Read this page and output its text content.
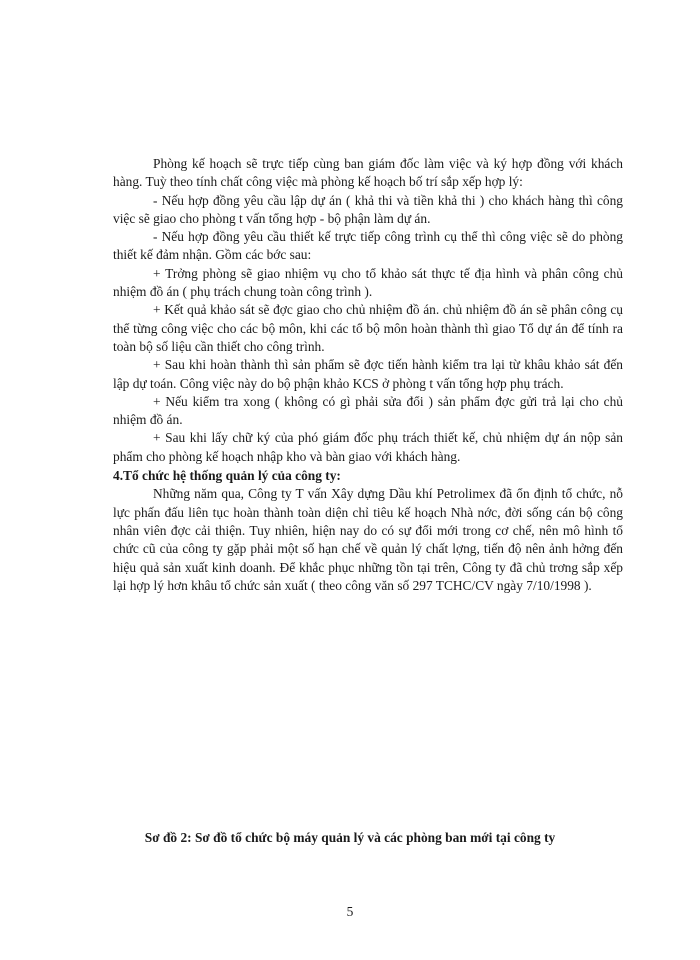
Phòng kế hoạch sẽ trực tiếp cùng ban giám đốc làm việc và ký hợp đồng với khách hàng. Tuỳ theo tính chất công việc mà phòng kế hoạch bố trí sắp xếp hợp lý:

- Nếu hợp đồng yêu cầu lập dự án ( khả thi và tiền khả thi ) cho khách hàng thì công việc sẽ giao cho phòng t vấn tổng hợp - bộ phận làm dự án.

- Nếu hợp đồng yêu cầu thiết kế trực tiếp công trình cụ thể thì công việc sẽ do phòng thiết kế đảm nhận. Gồm các bớc sau:

+ Trởng phòng sẽ giao nhiệm vụ cho tổ khảo sát thực tế địa hình và phân công chủ nhiệm đồ án ( phụ trách chung toàn công trình ).

+ Kết quả khảo sát sẽ đợc giao cho chủ nhiệm đồ án. chủ nhiệm đồ án sẽ phân công cụ thể từng công việc cho các bộ môn, khi các tổ bộ môn hoàn thành thì giao Tổ dự án để tính ra toàn bộ số liệu cần thiết cho công trình.

+ Sau khi hoàn thành thì sản phẩm sẽ đợc tiến hành kiểm tra lại từ khâu khảo sát đến lập dự toán. Công việc này do bộ phận khảo KCS ở phòng t vấn tổng hợp phụ trách.

+ Nếu kiểm tra xong ( không có gì phải sửa đổi ) sản phẩm đợc gửi trả lại cho chủ nhiệm đồ án.

+ Sau khi lấy chữ ký của phó giám đốc phụ trách thiết kế, chủ nhiệm dự án nộp sản phẩm cho phòng kế hoạch nhập kho và bàn giao với khách hàng.

4.Tổ chức hệ thống quản lý của công ty:

Những năm qua, Công ty T vấn Xây dựng Dầu khí Petrolimex đã ổn định tổ chức, nỗ lực phấn đấu liên tục hoàn thành toàn diện chỉ tiêu kế hoạch Nhà nớc, đời sống cán bộ công nhân viên đợc cải thiện. Tuy nhiên, hiện nay do có sự đổi mới trong cơ chế, nên mô hình tổ chức cũ của công ty gặp phải một số hạn chế về quản lý chất lợng, tiến độ nên ảnh hởng đến hiệu quả sản xuất kinh doanh. Để khắc phục những tồn tại trên, Công ty đã chủ trơng sắp xếp lại hợp lý hơn khâu tổ chức sản xuất ( theo công văn số 297 TCHC/CV ngày 7/10/1998 ).

Sơ đồ 2: Sơ đồ tổ chức bộ máy quản lý và các phòng ban mới tại công ty
5
